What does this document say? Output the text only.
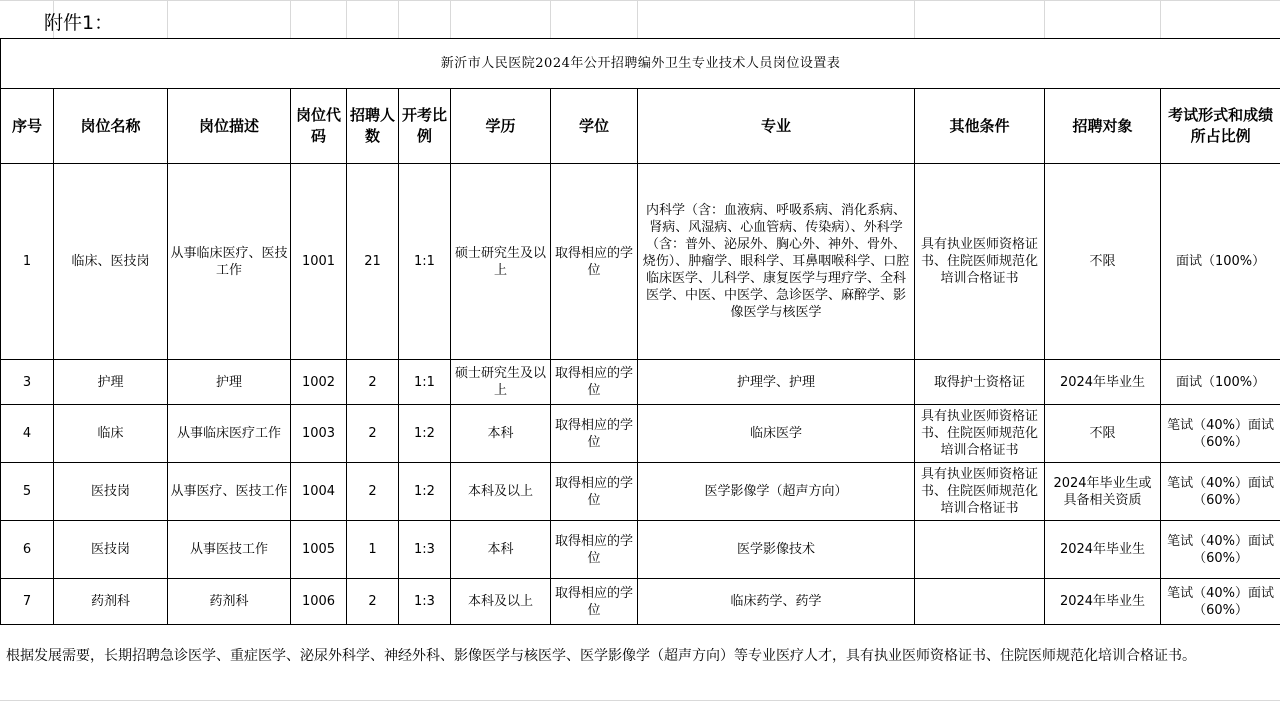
附件1：
新沂市人民医院2024年公开招聘编外卫生专业技术人员岗位设置表											
序号	岗位名称	岗位描述	岗位代码	招聘人数	开考比例	学历	学位	专业	其他条件	招聘对象	考试形式和成绩所占比例
1	临床、医技岗	从事临床医疗、医技工作	1001	21	1:1	硕士研究生及以上	取得相应的学位	内科学（含：血液病、呼吸系病、消化系病、肾病、风湿病、心血管病、传染病）、外科学（含：普外、泌尿外、胸心外、神外、骨外、烧伤）、肿瘤学、眼科学、耳鼻咽喉科学、口腔临床医学、儿科学、康复医学与理疗学、全科医学、中医、中医学、急诊医学、麻醉学、影像医学与核医学	具有执业医师资格证书、住院医师规范化培训合格证书	不限	面试（100%）
3	护理	护理	1002	2	1:1	硕士研究生及以上	取得相应的学位	护理学、护理	取得护士资格证	2024年毕业生	面试（100%）
4	临床	从事临床医疗工作	1003	2	1:2	本科	取得相应的学位	临床医学	具有执业医师资格证书、住院医师规范化培训合格证书	不限	笔试（40%）面试（60%）
5	医技岗	从事医疗、医技工作	1004	2	1:2	本科及以上	取得相应的学位	医学影像学（超声方向）	具有执业医师资格证书、住院医师规范化培训合格证书	2024年毕业生或具备相关资质	笔试（40%）面试（60%）
6	医技岗	从事医技工作	1005	1	1:3	本科	取得相应的学位	医学影像技术		2024年毕业生	笔试（40%）面试（60%）
7	药剂科	药剂科	1006	2	1:3	本科及以上	取得相应的学位	临床药学、药学		2024年毕业生	笔试（40%）面试（60%）
根据发展需要，长期招聘急诊医学、重症医学、泌尿外科学、神经外科、影像医学与核医学、医学影像学（超声方向）等专业医疗人才，具有执业医师资格证书、住院医师规范化培训合格证书。
